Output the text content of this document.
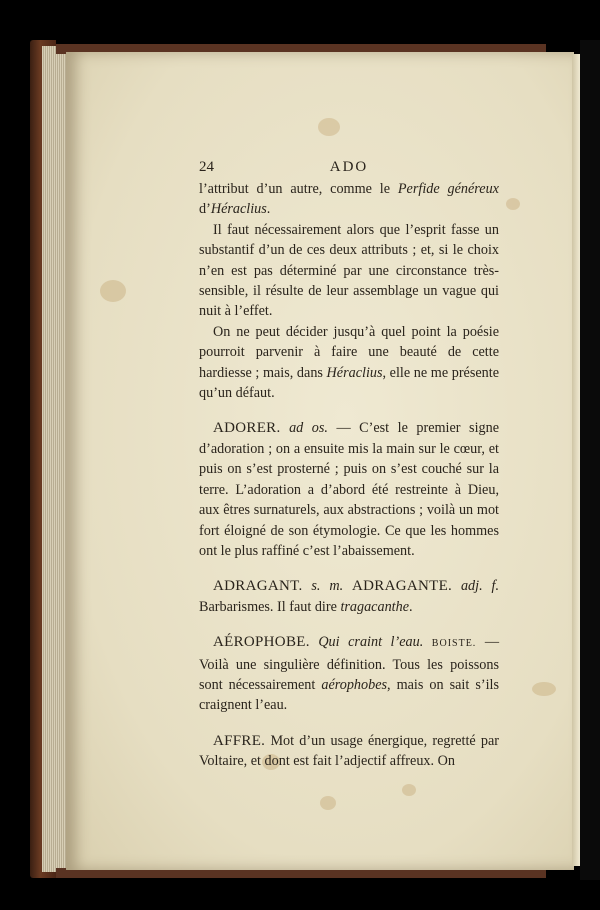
24	ADO

l’attribut d’un autre, comme le Perfide généreux d’Héraclius.

Il faut nécessairement alors que l’esprit fasse un substantif d’un de ces deux attributs ; et, si le choix n’en est pas déterminé par une circonstance très-sensible, il résulte de leur assemblage un vague qui nuit à l’effet.

On ne peut décider jusqu’à quel point la poésie pourroit parvenir à faire une beauté de cette hardiesse ; mais, dans Héraclius, elle ne me présente qu’un défaut.

ADORER. ad os. — C’est le premier signe d’adoration ; on a ensuite mis la main sur le cœur, et puis on s’est prosterné ; puis on s’est couché sur la terre. L’adoration a d’abord été restreinte à Dieu, aux êtres surnaturels, aux abstractions ; voilà un mot fort éloigné de son étymologie. Ce que les hommes ont le plus raffiné c’est l’abaissement.

ADRAGANT. s. m. ADRAGANTE. adj. f. Barbarismes. Il faut dire tragacanthe.

AÉROPHOBE. Qui craint l’eau. BOISTE. — Voilà une singulière définition. Tous les poissons sont nécessairement aérophobes, mais on sait s’ils craignent l’eau.

AFFRE. Mot d’un usage énergique, regretté par Voltaire, et dont est fait l’adjectif affreux. On
